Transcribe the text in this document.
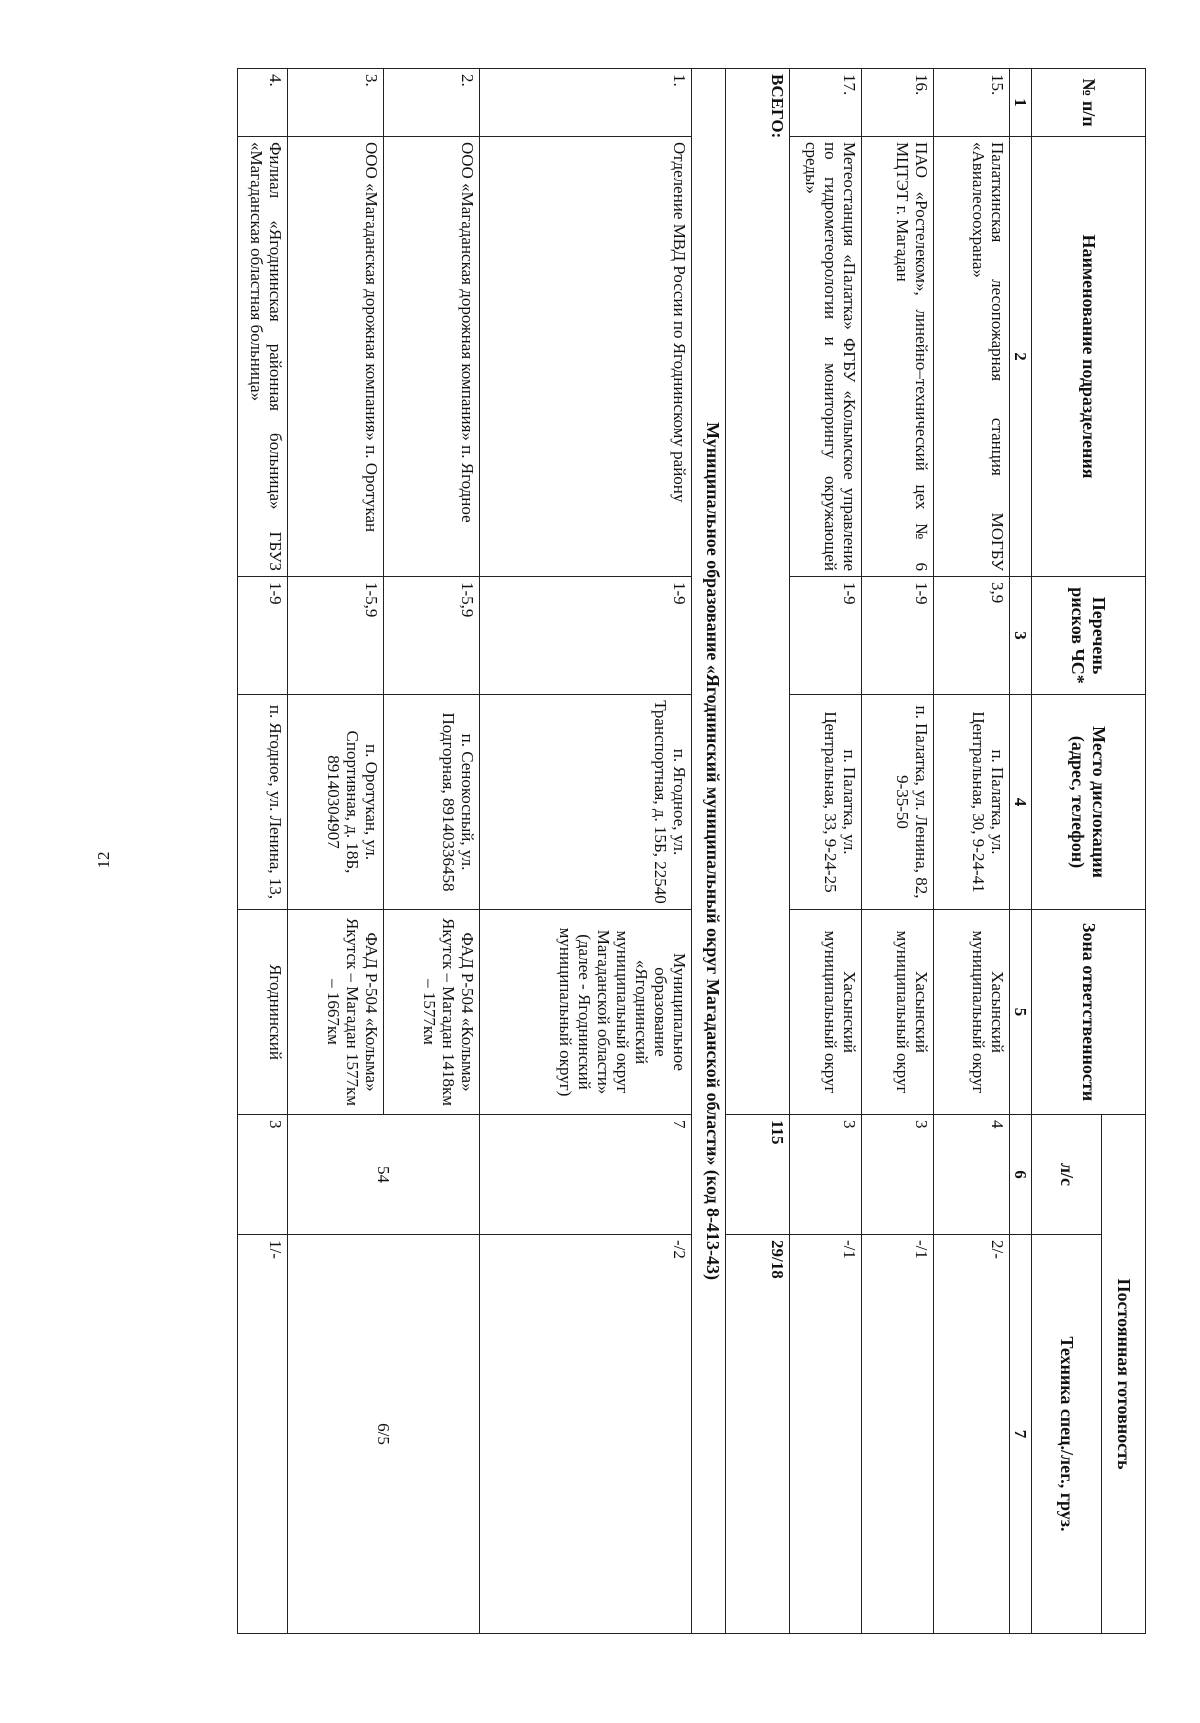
12
№ п/п	Наименование подразделения	Перечень рисков ЧС*	Место дислокации (адрес, телефон)	Зона ответственности	Постоянная готовность	
					л/с	Техника спец./лег., груз.
1	2	3	4	5	6	7
15.	Палаткинская лесопожарная станция МОГБУ «Авиалесоохрана»	3,9	п. Палатка, ул. Центральная, 30, 9-24-41	Хасынский муниципальный округ	4	2/-
16.	ПАО «Ростелеком», линейно–технический цех № 6 МЦТЭТ г. Магадан	1-9	п. Палатка, ул. Ленина, 82, 9-35-50	Хасынский муниципальный округ	3	-/1
17.	Метеостанция «Палатка» ФГБУ «Колымское управление по гидрометеорологии и мониторингу окружающей среды»	1-9	п. Палатка, ул. Центральная, 33, 9-24-25	Хасынский муниципальный округ	3	-/1
ВСЕГО:					115	29/18
Муниципальное образование «Ягоднинский муниципальный округ Магаданской области» (код 8-413-43)						
1.	Отделение МВД России по Ягоднинскому району	1-9	п. Ягодное, ул. Транспортная, д. 15Б, 22540	Муниципальное образование «Ягоднинский муниципальный округ Магаданской области» (далее - Ягоднинский муниципальный округ)	7	-/2
2.	ООО «Магаданская дорожная компания» п. Ягодное	1-5,9	п. Сенокосный, ул. Подгорная, 89140336458	ФАД Р-504 «Колыма» Якутск – Магадан 1418км – 1577км	54	6/5
3.	ООО «Магаданская дорожная компания» п. Оротукан	1-5,9	п. Оротукан, ул. Спортивная, д. 18Б, 89140304907	ФАД Р-504 «Колыма» Якутск – Магадан 1577км – 1667км		
4.	Филиал «Ягоднинская районная больница» ГБУЗ «Магаданская областная больница»	1-9	п. Ягодное, ул. Ленина, 13,	Ягоднинский	3	1/-
